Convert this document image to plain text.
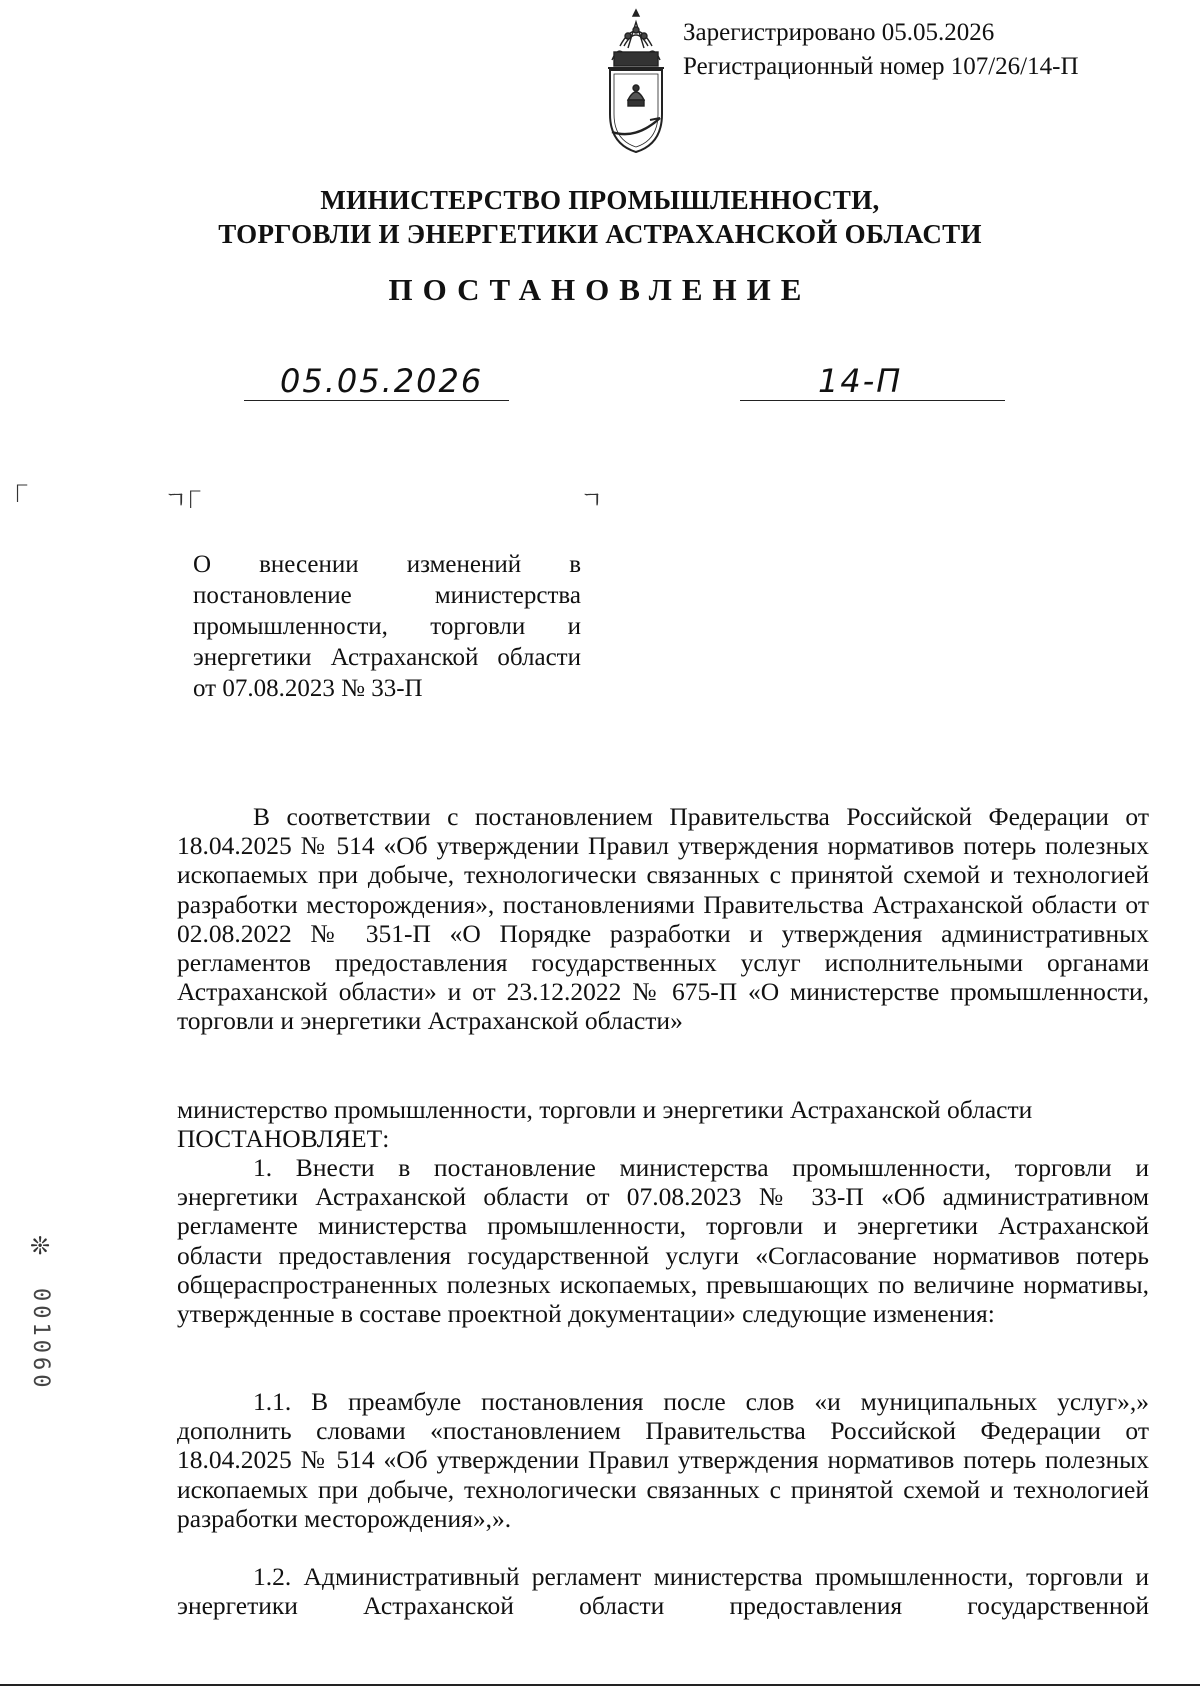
Зарегистрировано 05.05.2026
Регистрационный номер 107/26/14-П
МИНИСТЕРСТВО ПРОМЫШЛЕННОСТИ,
ТОРГОВЛИ И ЭНЕРГЕТИКИ АСТРАХАНСКОЙ ОБЛАСТИ
ПОСТАНОВЛЕНИЕ
05.05.2026	14-П
Г	ㄱГ	ㄱ
О внесении изменений в постановление министерства промышленности, торговли и энергетики Астраханской области от 07.08.2023 № 33-П
В соответствии с постановлением Правительства Российской Федерации от 18.04.2025 № 514 «Об утверждении Правил утверждения нормативов потерь полезных ископаемых при добыче, технологически связанных с принятой схемой и технологией разработки месторождения», постановлениями Правительства Астраханской области от 02.08.2022 № 351-П «О Порядке разработки и утверждения административных регламентов предоставления государственных услуг исполнительными органами Астраханской области» и от 23.12.2022 № 675-П «О министерстве промышленности, торговли и энергетики Астраханской области»
министерство промышленности, торговли и энергетики Астраханской области
ПОСТАНОВЛЯЕТ:
1. Внести в постановление министерства промышленности, торговли и энергетики Астраханской области от 07.08.2023 № 33-П «Об административном регламенте министерства промышленности, торговли и энергетики Астраханской области предоставления государственной услуги «Согласование нормативов потерь общераспространенных полезных ископаемых, превышающих по величине нормативы, утвержденные в составе проектной документации» следующие изменения:
1.1. В преамбуле постановления после слов «и муниципальных услуг»,» дополнить словами «постановлением Правительства Российской Федерации от 18.04.2025 № 514 «Об утверждении Правил утверждения нормативов потерь полезных ископаемых при добыче, технологически связанных с принятой схемой и технологией разработки месторождения»,».
1.2. Административный регламент министерства промышленности, торговли и энергетики Астраханской области предоставления государственной
❊
001060
